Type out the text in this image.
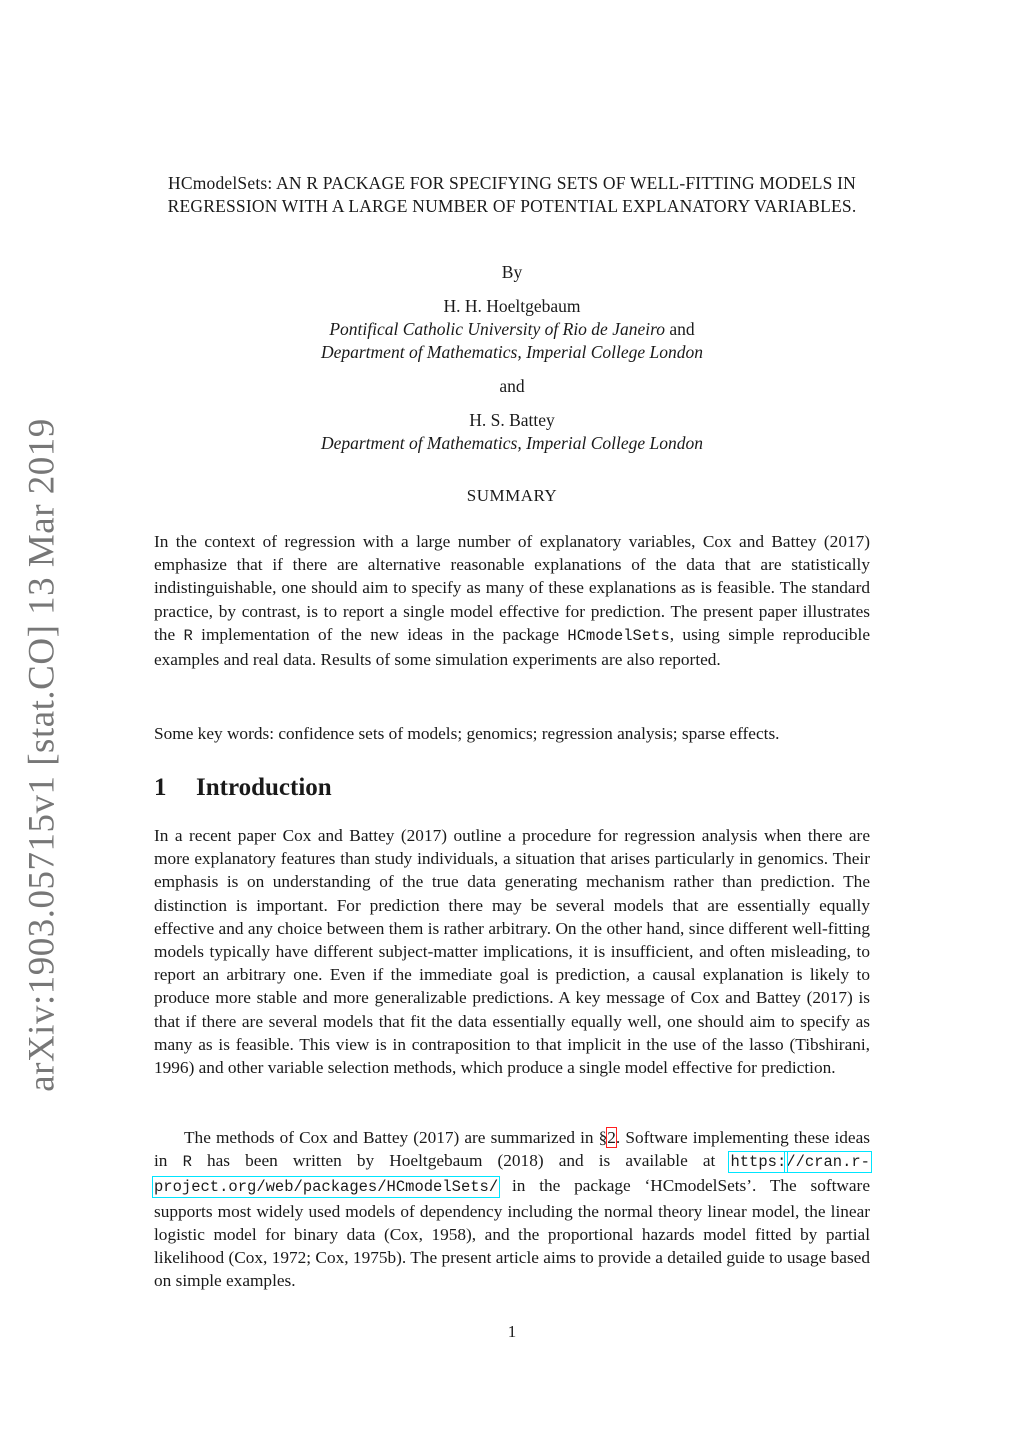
arXiv:1903.05715v1 [stat.CO] 13 Mar 2019
HCmodelSets: AN R PACKAGE FOR SPECIFYING SETS OF WELL-FITTING MODELS IN REGRESSION WITH A LARGE NUMBER OF POTENTIAL EXPLANATORY VARIABLES.
By
H. H. Hoeltgebaum
Pontifical Catholic University of Rio de Janeiro and
Department of Mathematics, Imperial College London
and
H. S. Battey
Department of Mathematics, Imperial College London
SUMMARY
In the context of regression with a large number of explanatory variables, Cox and Battey (2017) emphasize that if there are alternative reasonable explanations of the data that are statistically indistinguishable, one should aim to specify as many of these explanations as is feasible. The standard practice, by contrast, is to report a single model effective for prediction. The present paper illustrates the R implementation of the new ideas in the package HCmodelSets, using simple reproducible examples and real data. Results of some simulation experiments are also reported.
Some key words: confidence sets of models; genomics; regression analysis; sparse effects.
1 Introduction
In a recent paper Cox and Battey (2017) outline a procedure for regression analysis when there are more explanatory features than study individuals, a situation that arises particularly in genomics. Their emphasis is on understanding of the true data generating mechanism rather than prediction. The distinction is important. For prediction there may be several models that are essentially equally effective and any choice between them is rather arbitrary. On the other hand, since different well-fitting models typically have different subject-matter implications, it is insufficient, and often misleading, to report an arbitrary one. Even if the immediate goal is prediction, a causal explanation is likely to produce more stable and more generalizable predictions. A key message of Cox and Battey (2017) is that if there are several models that fit the data essentially equally well, one should aim to specify as many as is feasible. This view is in contraposition to that implicit in the use of the lasso (Tibshirani, 1996) and other variable selection methods, which produce a single model effective for prediction.
The methods of Cox and Battey (2017) are summarized in §2. Software implementing these ideas in R has been written by Hoeltgebaum (2018) and is available at https://cran.r-project.org/web/packages/HCmodelSets/ in the package ‘HCmodelSets’. The software supports most widely used models of dependency including the normal theory linear model, the linear logistic model for binary data (Cox, 1958), and the proportional hazards model fitted by partial likelihood (Cox, 1972; Cox, 1975b). The present article aims to provide a detailed guide to usage based on simple examples.
1
